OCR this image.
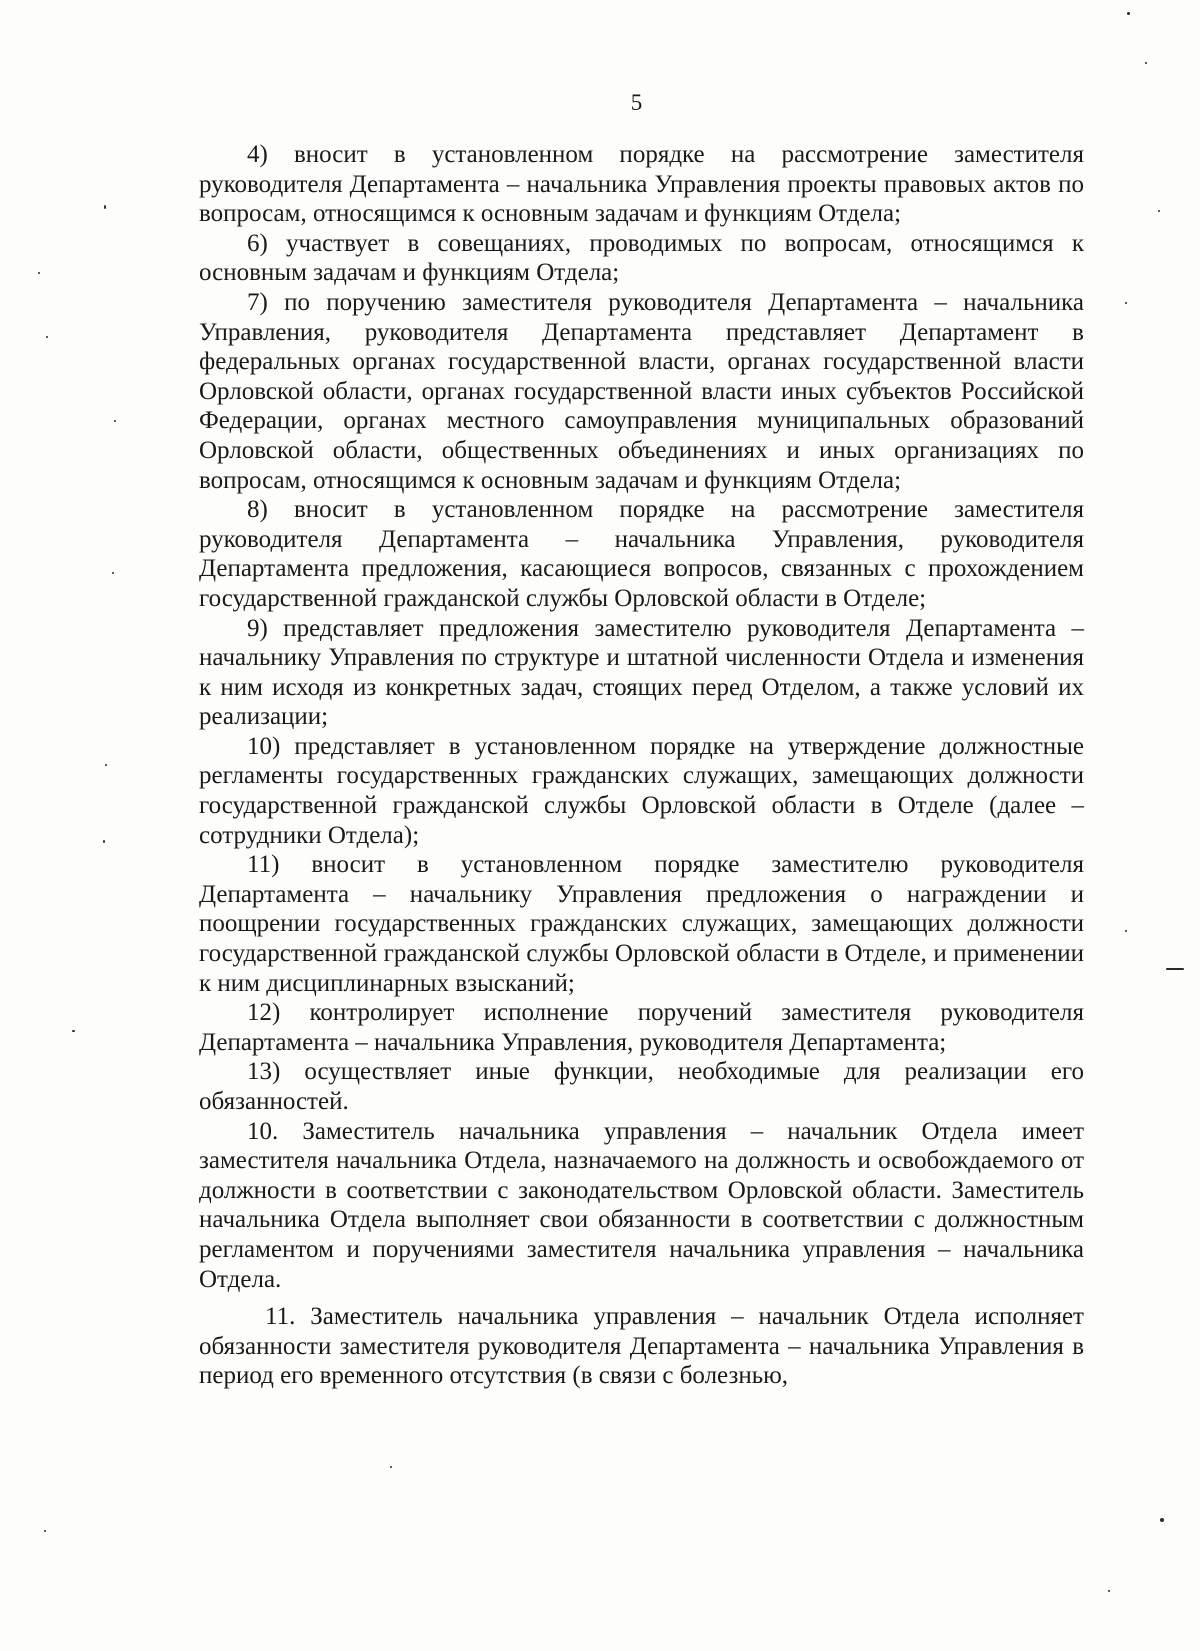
5

4) вносит в установленном порядке на рассмотрение заместителя руководителя Департамента – начальника Управления проекты правовых актов по вопросам, относящимся к основным задачам и функциям Отдела;

6) участвует в совещаниях, проводимых по вопросам, относящимся к основным задачам и функциям Отдела;

7) по поручению заместителя руководителя Департамента – начальника Управления, руководителя Департамента представляет Департамент в федеральных органах государственной власти, органах государственной власти Орловской области, органах государственной власти иных субъектов Российской Федерации, органах местного самоуправления муниципальных образований Орловской области, общественных объединениях и иных организациях по вопросам, относящимся к основным задачам и функциям Отдела;

8) вносит в установленном порядке на рассмотрение заместителя руководителя Департамента – начальника Управления, руководителя Департамента предложения, касающиеся вопросов, связанных с прохождением государственной гражданской службы Орловской области в Отделе;

9) представляет предложения заместителю руководителя Департамента – начальнику Управления по структуре и штатной численности Отдела и изменения к ним исходя из конкретных задач, стоящих перед Отделом, а также условий их реализации;

10) представляет в установленном порядке на утверждение должностные регламенты государственных гражданских служащих, замещающих должности государственной гражданской службы Орловской области в Отделе (далее – сотрудники Отдела);

11) вносит в установленном порядке заместителю руководителя Департамента – начальнику Управления предложения о награждении и поощрении государственных гражданских служащих, замещающих должности государственной гражданской службы Орловской области в Отделе, и применении к ним дисциплинарных взысканий;

12) контролирует исполнение поручений заместителя руководителя Департамента – начальника Управления, руководителя Департамента;

13) осуществляет иные функции, необходимые для реализации его обязанностей.

10. Заместитель начальника управления – начальник Отдела имеет заместителя начальника Отдела, назначаемого на должность и освобождаемого от должности в соответствии с законодательством Орловской области. Заместитель начальника Отдела выполняет свои обязанности в соответствии с должностным регламентом и поручениями заместителя начальника управления – начальника Отдела.

11. Заместитель начальника управления – начальник Отдела исполняет обязанности заместителя руководителя Департамента – начальника Управления в период его временного отсутствия (в связи с болезнью,
